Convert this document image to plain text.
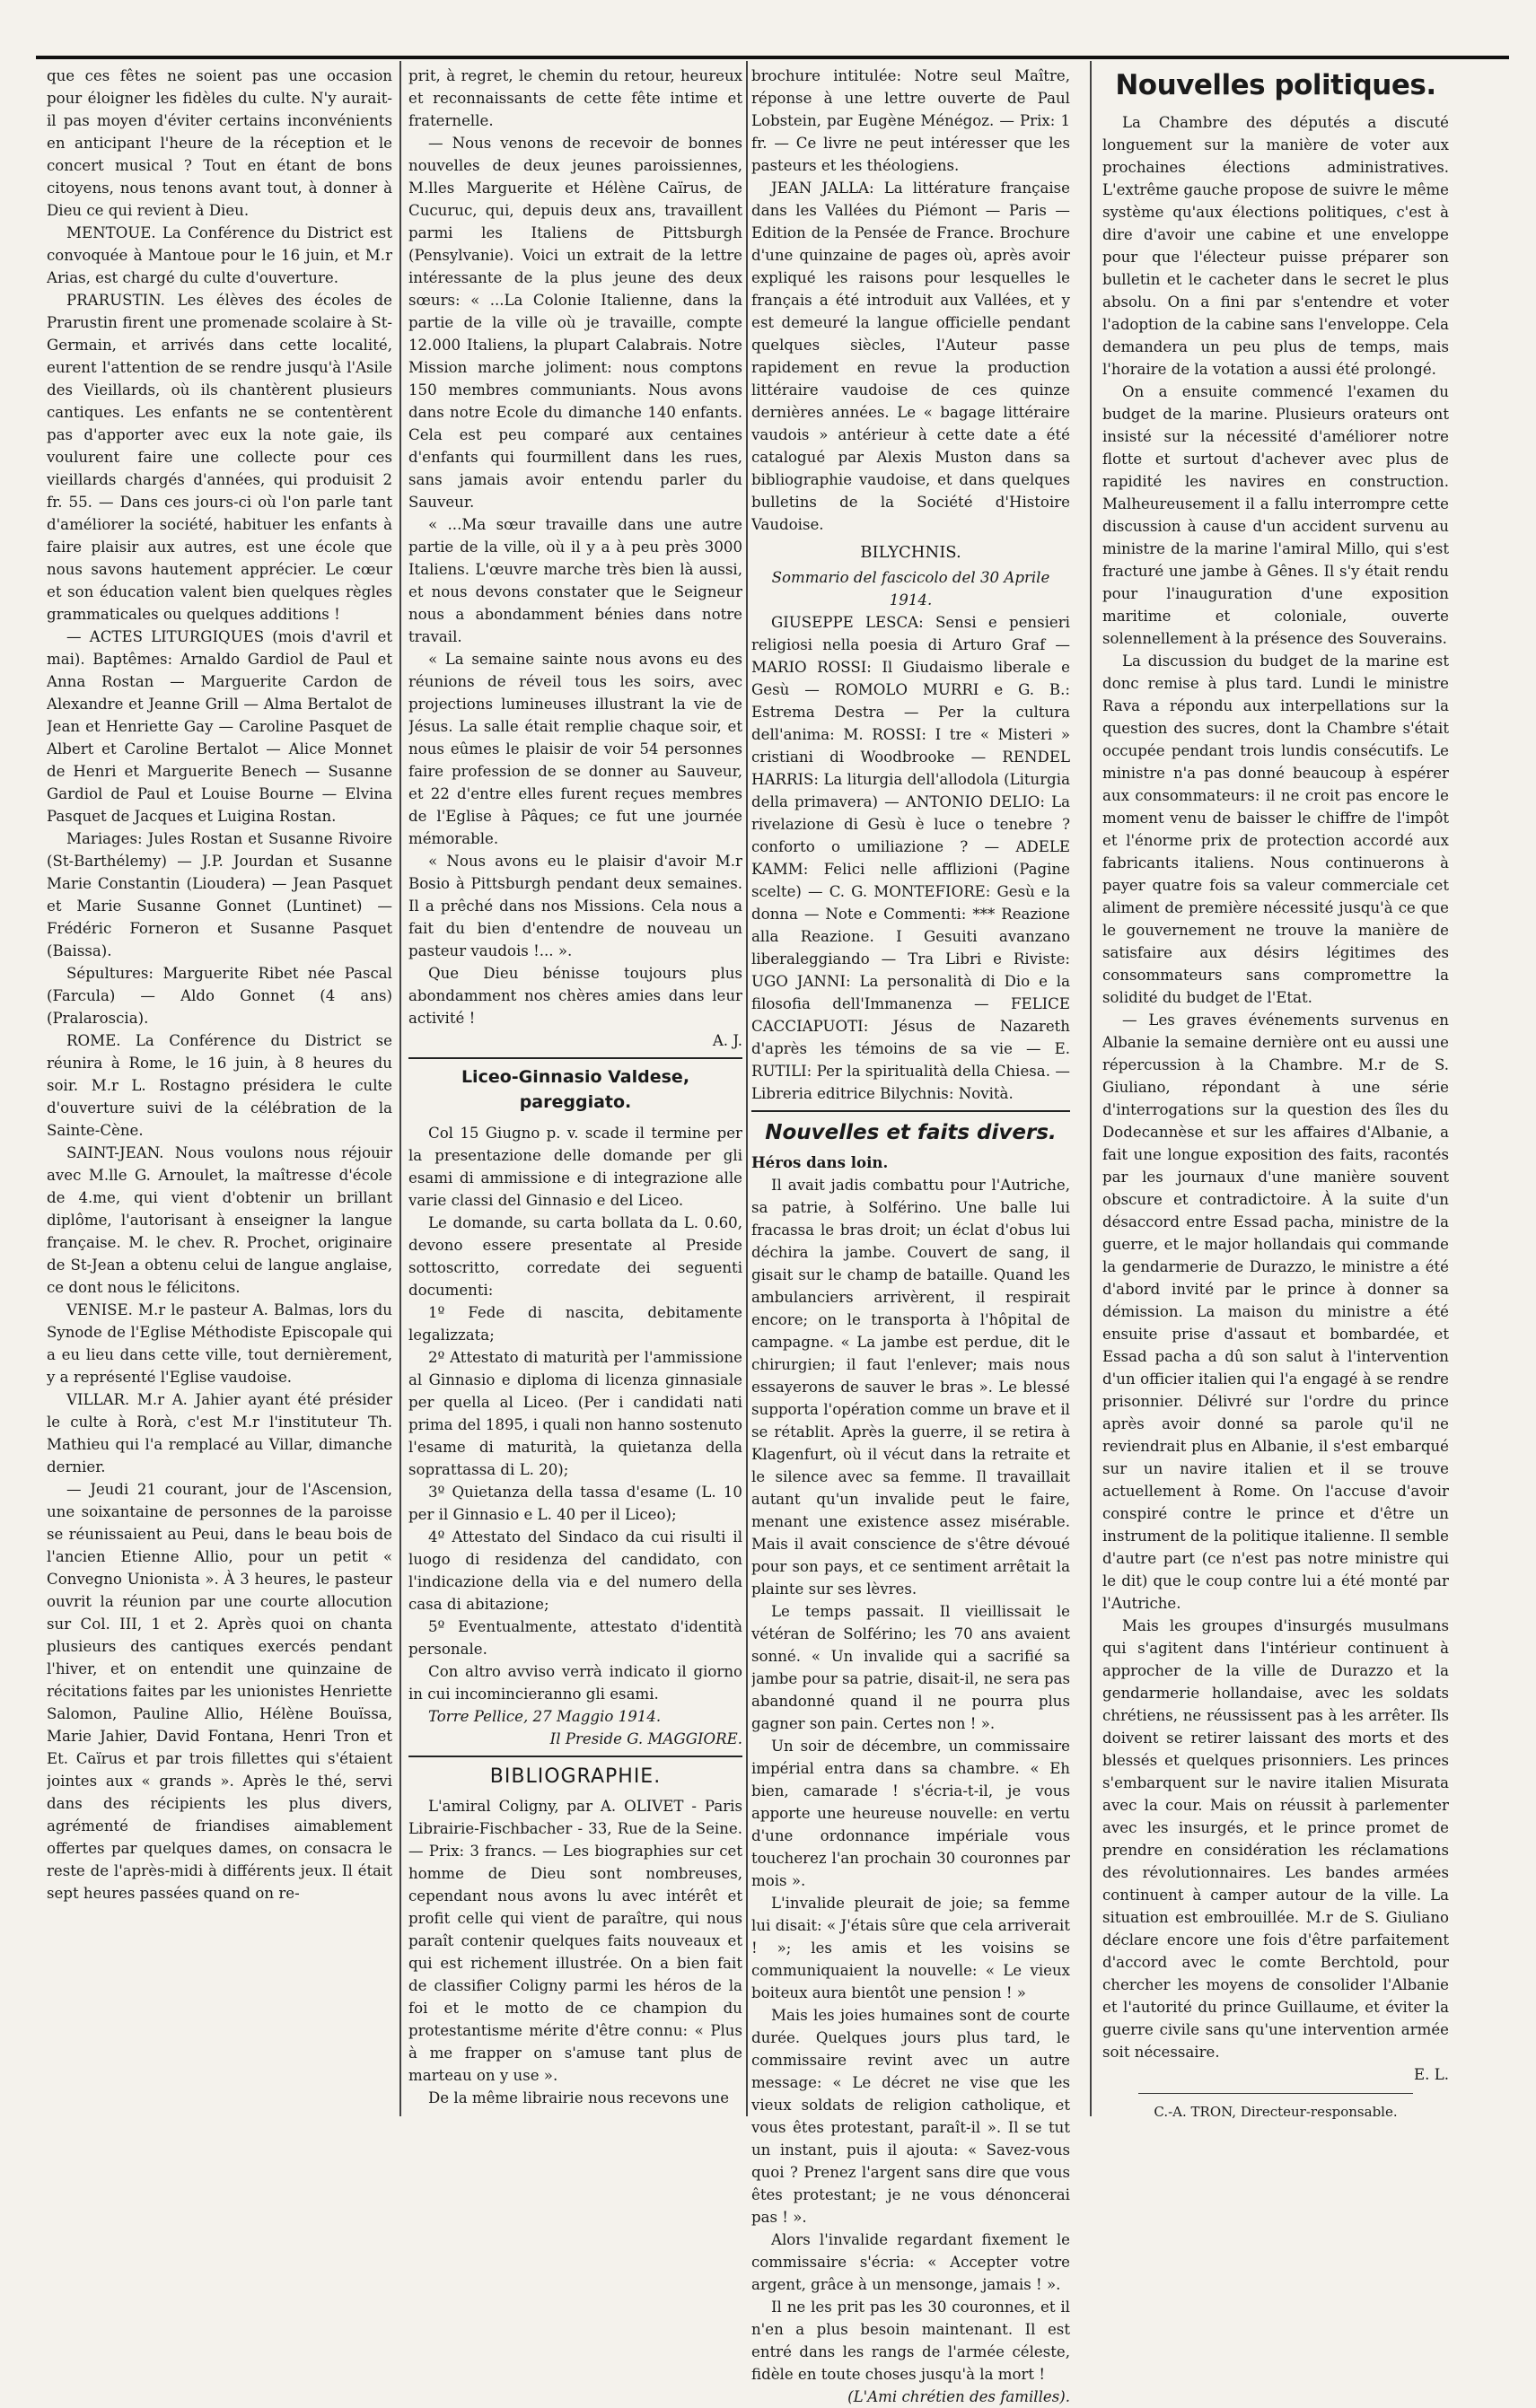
que ces fêtes ne soient pas une occasion pour éloigner les fidèles du culte. N'y aurait-il pas moyen d'éviter certains inconvénients en anticipant l'heure de la réception et le concert musical ? Tout en étant de bons citoyens, nous tenons avant tout, à donner à Dieu ce qui revient à Dieu.

MENTOUE. La Conférence du District est convoquée à Mantoue pour le 16 juin, et M.r Arias, est chargé du culte d'ouverture.

PRARUSTIN. Les élèves des écoles de Prarustin firent une promenade scolaire à St-Germain, et arrivés dans cette localité, eurent l'attention de se rendre jusqu'à l'Asile des Vieillards, où ils chantèrent plusieurs cantiques. Les enfants ne se contentèrent pas d'apporter avec eux la note gaie, ils voulurent faire une collecte pour ces vieillards chargés d'années, qui produisit 2 fr. 55. — Dans ces jours-ci où l'on parle tant d'améliorer la société, habituer les enfants à faire plaisir aux autres, est une école que nous savons hautement apprécier. Le cœur et son éducation valent bien quelques règles grammaticales ou quelques additions !

— ACTES LITURGIQUES (mois d'avril et mai). Baptêmes: Arnaldo Gardiol de Paul et Anna Rostan — Marguerite Cardon de Alexandre et Jeanne Grill — Alma Bertalot de Jean et Henriette Gay — Caroline Pasquet de Albert et Caroline Bertalot — Alice Monnet de Henri et Marguerite Benech — Susanne Gardiol de Paul et Louise Bourne — Elvina Pasquet de Jacques et Luigina Rostan.

Mariages: Jules Rostan et Susanne Rivoire (St-Barthélemy) — J.P. Jourdan et Susanne Marie Constantin (Lioudera) — Jean Pasquet et Marie Susanne Gonnet (Luntinet) — Frédéric Forneron et Susanne Pasquet (Baissa).

Sépultures: Marguerite Ribet née Pascal (Farcula) — Aldo Gonnet (4 ans) (Pralaroscia).

ROME. La Conférence du District se réunira à Rome, le 16 juin, à 8 heures du soir. M.r L. Rostagno présidera le culte d'ouverture suivi de la célébration de la Sainte-Cène.

SAINT-JEAN. Nous voulons nous réjouir avec M.lle G. Arnoulet, la maîtresse d'école de 4.me, qui vient d'obtenir un brillant diplôme, l'autorisant à enseigner la langue française. M. le chev. R. Prochet, originaire de St-Jean a obtenu celui de langue anglaise, ce dont nous le félicitons.

VENISE. M.r le pasteur A. Balmas, lors du Synode de l'Eglise Méthodiste Episcopale qui a eu lieu dans cette ville, tout dernièrement, y a représenté l'Eglise vaudoise.

VILLAR. M.r A. Jahier ayant été présider le culte à Rorà, c'est M.r l'instituteur Th. Mathieu qui l'a remplacé au Villar, dimanche dernier.

— Jeudi 21 courant, jour de l'Ascension, une soixantaine de personnes de la paroisse se réunissaient au Peui, dans le beau bois de l'ancien Etienne Allio, pour un petit « Convegno Unionista ». À 3 heures, le pasteur ouvrit la réunion par une courte allocution sur Col. III, 1 et 2. Après quoi on chanta plusieurs des cantiques exercés pendant l'hiver, et on entendit une quinzaine de récitations faites par les unionistes Henriette Salomon, Pauline Allio, Hélène Bouïssa, Marie Jahier, David Fontana, Henri Tron et Et. Caïrus et par trois fillettes qui s'étaient jointes aux « grands ». Après le thé, servi dans des récipients les plus divers, agrémenté de friandises aimablement offertes par quelques dames, on consacra le reste de l'après-midi à différents jeux. Il était sept heures passées quand on re-

prit, à regret, le chemin du retour, heureux et reconnaissants de cette fête intime et fraternelle.

— Nous venons de recevoir de bonnes nouvelles de deux jeunes paroissiennes, M.lles Marguerite et Hélène Caïrus, de Cucuruc, qui, depuis deux ans, travaillent parmi les Italiens de Pittsburgh (Pensylvanie). Voici un extrait de la lettre intéressante de la plus jeune des deux sœurs: « ...La Colonie Italienne, dans la partie de la ville où je travaille, compte 12.000 Italiens, la plupart Calabrais. Notre Mission marche joliment: nous comptons 150 membres communiants. Nous avons dans notre Ecole du dimanche 140 enfants. Cela est peu comparé aux centaines d'enfants qui fourmillent dans les rues, sans jamais avoir entendu parler du Sauveur.

« ...Ma sœur travaille dans une autre partie de la ville, où il y a à peu près 3000 Italiens. L'œuvre marche très bien là aussi, et nous devons constater que le Seigneur nous a abondamment bénies dans notre travail.

« La semaine sainte nous avons eu des réunions de réveil tous les soirs, avec projections lumineuses illustrant la vie de Jésus. La salle était remplie chaque soir, et nous eûmes le plaisir de voir 54 personnes faire profession de se donner au Sauveur, et 22 d'entre elles furent reçues membres de l'Eglise à Pâques; ce fut une journée mémorable.

« Nous avons eu le plaisir d'avoir M.r Bosio à Pittsburgh pendant deux semaines. Il a prêché dans nos Missions. Cela nous a fait du bien d'entendre de nouveau un pasteur vaudois !... ».

Que Dieu bénisse toujours plus abondamment nos chères amies dans leur activité !

A. J.
Liceo-Ginnasio Valdese, pareggiato.

Col 15 Giugno p. v. scade il termine per la presentazione delle domande per gli esami di ammissione e di integrazione alle varie classi del Ginnasio e del Liceo.

Le domande, su carta bollata da L. 0.60, devono essere presentate al Preside sottoscritto, corredate dei seguenti documenti:

1º Fede di nascita, debitamente legalizzata;

2º Attestato di maturità per l'ammissione al Ginnasio e diploma di licenza ginnasiale per quella al Liceo. (Per i candidati nati prima del 1895, i quali non hanno sostenuto l'esame di maturità, la quietanza della soprattassa di L. 20);

3º Quietanza della tassa d'esame (L. 10 per il Ginnasio e L. 40 per il Liceo);

4º Attestato del Sindaco da cui risulti il luogo di residenza del candidato, con l'indicazione della via e del numero della casa di abitazione;

5º Eventualmente, attestato d'identità personale.

Con altro avviso verrà indicato il giorno in cui incomincieranno gli esami.

Torre Pellice, 27 Maggio 1914.

Il Preside G. MAGGIORE.
BIBLIOGRAPHIE.

L'amiral Coligny, par A. OLIVET - Paris Librairie-Fischbacher - 33, Rue de la Seine. — Prix: 3 francs. — Les biographies sur cet homme de Dieu sont nombreuses, cependant nous avons lu avec intérêt et profit celle qui vient de paraître, qui nous paraît contenir quelques faits nouveaux et qui est richement illustrée. On a bien fait de classifier Coligny parmi les héros de la foi et le motto de ce champion du protestantisme mérite d'être connu: « Plus à me frapper on s'amuse tant plus de marteau on y use ».

De la même librairie nous recevons une

brochure intitulée: Notre seul Maître, réponse à une lettre ouverte de Paul Lobstein, par Eugène Ménégoz. — Prix: 1 fr. — Ce livre ne peut intéresser que les pasteurs et les théologiens.

JEAN JALLA: La littérature française dans les Vallées du Piémont — Paris — Edition de la Pensée de France. Brochure d'une quinzaine de pages où, après avoir expliqué les raisons pour lesquelles le français a été introduit aux Vallées, et y est demeuré la langue officielle pendant quelques siècles, l'Auteur passe rapidement en revue la production littéraire vaudoise de ces quinze dernières années. Le « bagage littéraire vaudois » antérieur à cette date a été catalogué par Alexis Muston dans sa bibliographie vaudoise, et dans quelques bulletins de la Société d'Histoire Vaudoise.

BILYCHNIS.
Sommario del fascicolo del 30 Aprile 1914.

GIUSEPPE LESCA: Sensi e pensieri religiosi nella poesia di Arturo Graf — MARIO ROSSI: Il Giudaismo liberale e Gesù — ROMOLO MURRI e G. B.: Estrema Destra — Per la cultura dell'anima: M. ROSSI: I tre « Misteri » cristiani di Woodbrooke — RENDEL HARRIS: La liturgia dell'allodola (Liturgia della primavera) — ANTONIO DELIO: La rivelazione di Gesù è luce o tenebre ? conforto o umiliazione ? — ADELE KAMM: Felici nelle afflizioni (Pagine scelte) — C. G. MONTEFIORE: Gesù e la donna — Note e Commenti: *** Reazione alla Reazione. I Gesuiti avanzano liberaleggiando — Tra Libri e Riviste: UGO JANNI: La personalità di Dio e la filosofia dell'Immanenza — FELICE CACCIAPUOTI: Jésus de Nazareth d'après les témoins de sa vie — E. RUTILI: Per la spiritualità della Chiesa. — Libreria editrice Bilychnis: Novità.

Nouvelles et faits divers.
Héros dans loin.

Il avait jadis combattu pour l'Autriche, sa patrie, à Solférino. Une balle lui fracassa le bras droit; un éclat d'obus lui déchira la jambe. Couvert de sang, il gisait sur le champ de bataille. Quand les ambulanciers arrivèrent, il respirait encore; on le transporta à l'hôpital de campagne. « La jambe est perdue, dit le chirurgien; il faut l'enlever; mais nous essayerons de sauver le bras ». Le blessé supporta l'opération comme un brave et il se rétablit. Après la guerre, il se retira à Klagenfurt, où il vécut dans la retraite et le silence avec sa femme. Il travaillait autant qu'un invalide peut le faire, menant une existence assez misérable. Mais il avait conscience de s'être dévoué pour son pays, et ce sentiment arrêtait la plainte sur ses lèvres.

Le temps passait. Il vieillissait le vétéran de Solférino; les 70 ans avaient sonné. « Un invalide qui a sacrifié sa jambe pour sa patrie, disait-il, ne sera pas abandonné quand il ne pourra plus gagner son pain. Certes non ! ».

Un soir de décembre, un commissaire impérial entra dans sa chambre. « Eh bien, camarade ! s'écria-t-il, je vous apporte une heureuse nouvelle: en vertu d'une ordonnance impériale vous toucherez l'an prochain 30 couronnes par mois ».

L'invalide pleurait de joie; sa femme lui disait: « J'étais sûre que cela arriverait ! »; les amis et les voisins se communiquaient la nouvelle: « Le vieux boiteux aura bientôt une pension ! »

Mais les joies humaines sont de courte durée. Quelques jours plus tard, le commissaire revint avec un autre message: « Le décret ne vise que les vieux soldats de religion catholique, et vous êtes protestant, paraît-il ». Il se tut un instant, puis il ajouta: « Savez-vous quoi ? Prenez l'argent sans dire que vous êtes protestant; je ne vous dénoncerai pas ! ».

Alors l'invalide regardant fixement le commissaire s'écria: « Accepter votre argent, grâce à un mensonge, jamais ! ».

Il ne les prit pas les 30 couronnes, et il n'en a plus besoin maintenant. Il est entré dans les rangs de l'armée céleste, fidèle en toute choses jusqu'à la mort !

(L'Ami chrétien des familles).
Nouvelles politiques.

La Chambre des députés a discuté longuement sur la manière de voter aux prochaines élections administratives. L'extrême gauche propose de suivre le même système qu'aux élections politiques, c'est à dire d'avoir une cabine et une enveloppe pour que l'électeur puisse préparer son bulletin et le cacheter dans le secret le plus absolu. On a fini par s'entendre et voter l'adoption de la cabine sans l'enveloppe. Cela demandera un peu plus de temps, mais l'horaire de la votation a aussi été prolongé.

On a ensuite commencé l'examen du budget de la marine. Plusieurs orateurs ont insisté sur la nécessité d'améliorer notre flotte et surtout d'achever avec plus de rapidité les navires en construction. Malheureusement il a fallu interrompre cette discussion à cause d'un accident survenu au ministre de la marine l'amiral Millo, qui s'est fracturé une jambe à Gênes. Il s'y était rendu pour l'inauguration d'une exposition maritime et coloniale, ouverte solennellement à la présence des Souverains.

La discussion du budget de la marine est donc remise à plus tard. Lundi le ministre Rava a répondu aux interpellations sur la question des sucres, dont la Chambre s'était occupée pendant trois lundis consécutifs. Le ministre n'a pas donné beaucoup à espérer aux consommateurs: il ne croit pas encore le moment venu de baisser le chiffre de l'impôt et l'énorme prix de protection accordé aux fabricants italiens. Nous continuerons à payer quatre fois sa valeur commerciale cet aliment de première nécessité jusqu'à ce que le gouvernement ne trouve la manière de satisfaire aux désirs légitimes des consommateurs sans compromettre la solidité du budget de l'Etat.

— Les graves événements survenus en Albanie la semaine dernière ont eu aussi une répercussion à la Chambre. M.r de S. Giuliano, répondant à une série d'interrogations sur la question des îles du Dodecannèse et sur les affaires d'Albanie, a fait une longue exposition des faits, racontés par les journaux d'une manière souvent obscure et contradictoire. À la suite d'un désaccord entre Essad pacha, ministre de la guerre, et le major hollandais qui commande la gendarmerie de Durazzo, le ministre a été d'abord invité par le prince à donner sa démission. La maison du ministre a été ensuite prise d'assaut et bombardée, et Essad pacha a dû son salut à l'intervention d'un officier italien qui l'a engagé à se rendre prisonnier. Délivré sur l'ordre du prince après avoir donné sa parole qu'il ne reviendrait plus en Albanie, il s'est embarqué sur un navire italien et il se trouve actuellement à Rome. On l'accuse d'avoir conspiré contre le prince et d'être un instrument de la politique italienne. Il semble d'autre part (ce n'est pas notre ministre qui le dit) que le coup contre lui a été monté par l'Autriche.

Mais les groupes d'insurgés musulmans qui s'agitent dans l'intérieur continuent à approcher de la ville de Durazzo et la gendarmerie hollandaise, avec les soldats chrétiens, ne réussissent pas à les arrêter. Ils doivent se retirer laissant des morts et des blessés et quelques prisonniers. Les princes s'embarquent sur le navire italien Misurata avec la cour. Mais on réussit à parlementer avec les insurgés, et le prince promet de prendre en considération les réclamations des révolutionnaires. Les bandes armées continuent à camper autour de la ville. La situation est embrouillée. M.r de S. Giuliano déclare encore une fois d'être parfaitement d'accord avec le comte Berchtold, pour chercher les moyens de consolider l'Albanie et l'autorité du prince Guillaume, et éviter la guerre civile sans qu'une intervention armée soit nécessaire.

E. L.
C.-A. TRON, Directeur-responsable.
